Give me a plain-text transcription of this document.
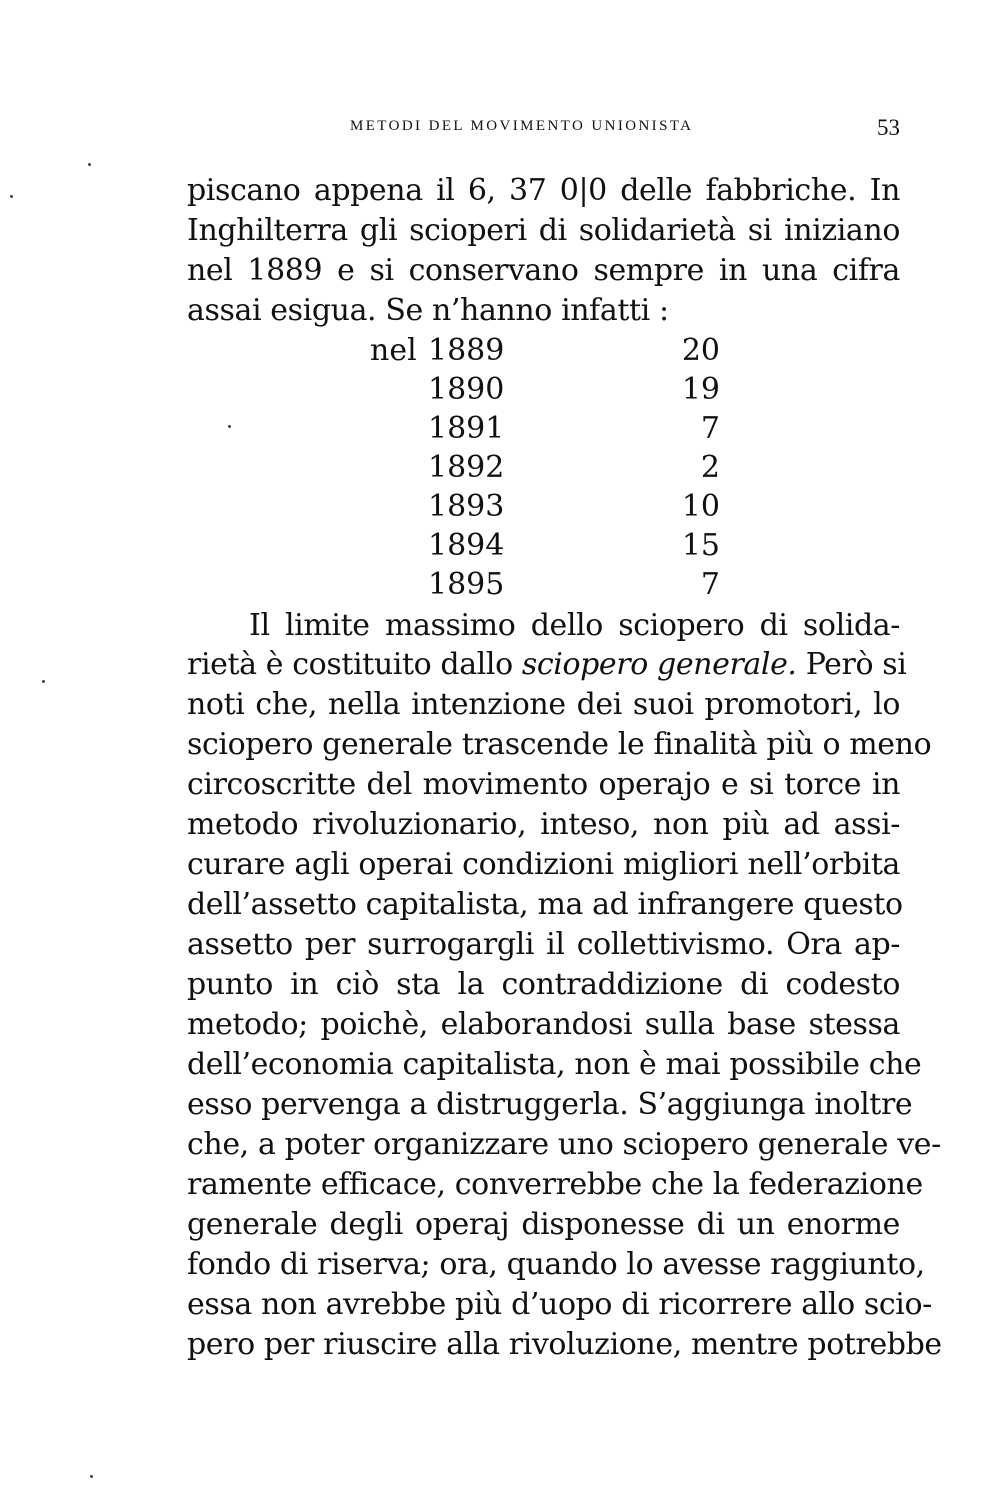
METODI DEL MOVIMENTO UNIONISTA	53
piscano appena il 6, 37 0|0 delle fabbriche. In
Inghilterra gli scioperi di solidarietà si iniziano
nel 1889 e si conservano sempre in una cifra
assai esigua. Se n’hanno infatti :
nel 1889	20
1890	19
1891	7
1892	2
1893	10
1894	15
1895	7
Il limite massimo dello sciopero di solida-
rietà è costituito dallo sciopero generale. Però si
noti che, nella intenzione dei suoi promotori, lo
sciopero generale trascende le finalità più o meno
circoscritte del movimento operajo e si torce in
metodo rivoluzionario, inteso, non più ad assi-
curare agli operai condizioni migliori nell’orbita
dell’assetto capitalista, ma ad infrangere questo
assetto per surrogargli il collettivismo. Ora ap-
punto in ciò sta la contraddizione di codesto
metodo; poichè, elaborandosi sulla base stessa
dell’economia capitalista, non è mai possibile che
esso pervenga a distruggerla. S’aggiunga inoltre
che, a poter organizzare uno sciopero generale ve-
ramente efficace, converrebbe che la federazione
generale degli operaj disponesse di un enorme
fondo di riserva; ora, quando lo avesse raggiunto,
essa non avrebbe più d’uopo di ricorrere allo scio-
pero per riuscire alla rivoluzione, mentre potrebbe
